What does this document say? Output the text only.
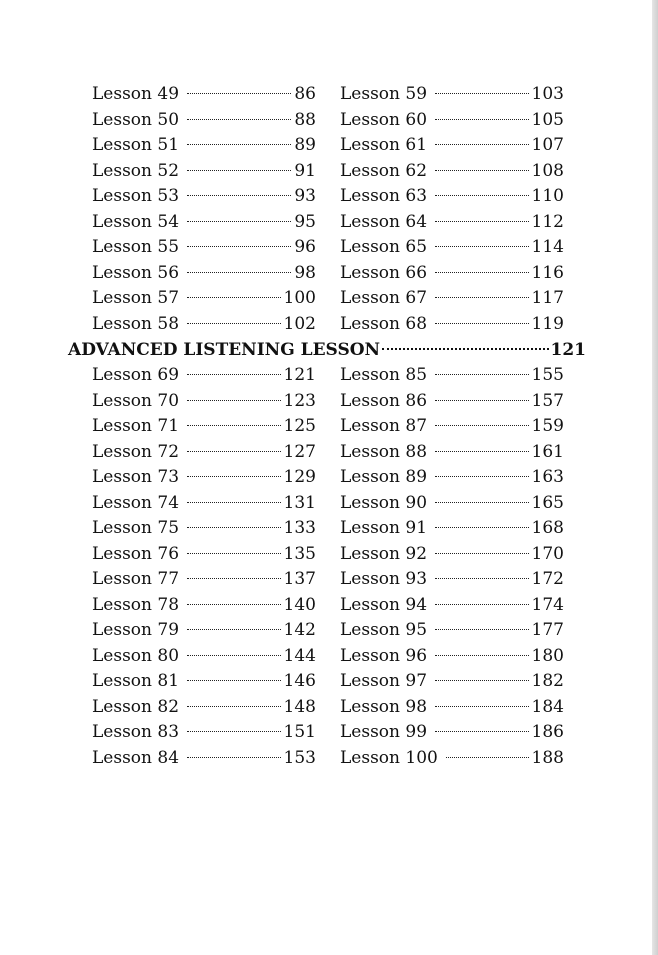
Lesson 49	86
Lesson 50	88
Lesson 51	89
Lesson 52	91
Lesson 53	93
Lesson 54	95
Lesson 55	96
Lesson 56	98
Lesson 57	100
Lesson 58	102
Lesson 59	103
Lesson 60	105
Lesson 61	107
Lesson 62	108
Lesson 63	110
Lesson 64	112
Lesson 65	114
Lesson 66	116
Lesson 67	117
Lesson 68	119
ADVANCED LISTENING LESSON	121
Lesson 69	121
Lesson 70	123
Lesson 71	125
Lesson 72	127
Lesson 73	129
Lesson 74	131
Lesson 75	133
Lesson 76	135
Lesson 77	137
Lesson 78	140
Lesson 79	142
Lesson 80	144
Lesson 81	146
Lesson 82	148
Lesson 83	151
Lesson 84	153
Lesson 85	155
Lesson 86	157
Lesson 87	159
Lesson 88	161
Lesson 89	163
Lesson 90	165
Lesson 91	168
Lesson 92	170
Lesson 93	172
Lesson 94	174
Lesson 95	177
Lesson 96	180
Lesson 97	182
Lesson 98	184
Lesson 99	186
Lesson 100	188
